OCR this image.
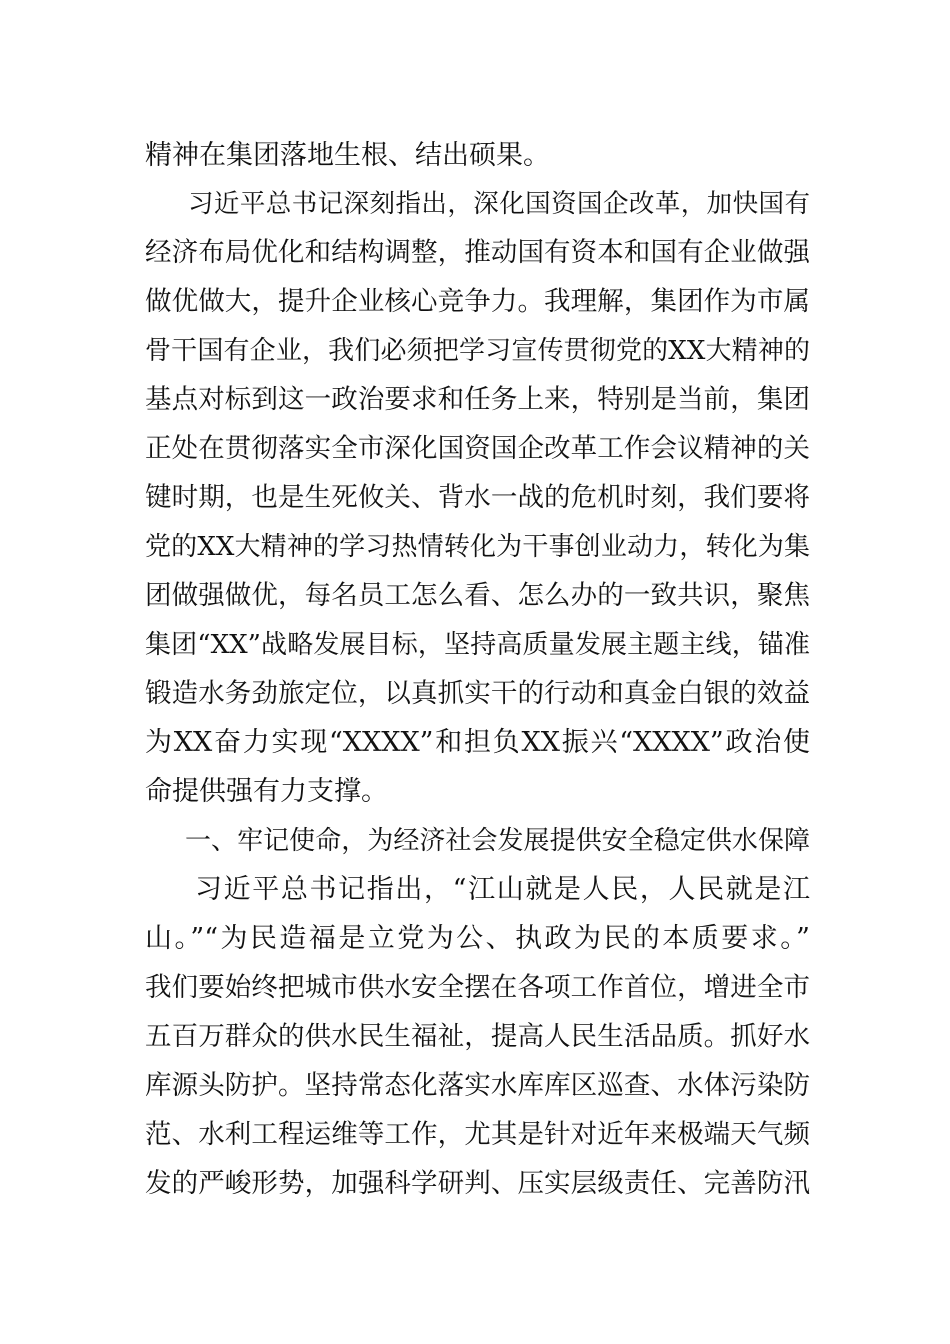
精神在集团落地生根、结出硕果。
习近平总书记深刻指出，深化国资国企改革，加快国有
经济布局优化和结构调整，推动国有资本和国有企业做强
做优做大，提升企业核心竞争力。我理解，集团作为市属
骨干国有企业，我们必须把学习宣传贯彻党的XX大精神的
基点对标到这一政治要求和任务上来，特别是当前，集团
正处在贯彻落实全市深化国资国企改革工作会议精神的关
键时期，也是生死攸关、背水一战的危机时刻，我们要将
党的XX大精神的学习热情转化为干事创业动力，转化为集
团做强做优，每名员工怎么看、怎么办的一致共识，聚焦
集团“XX”战略发展目标，坚持高质量发展主题主线，锚准
锻造水务劲旅定位，以真抓实干的行动和真金白银的效益
为XX奋力实现“XXXX”和担负XX振兴“XXXX”政治使
命提供强有力支撑。
一、牢记使命，为经济社会发展提供安全稳定供水保障
习近平总书记指出，“江山就是人民，人民就是江
山。”“为民造福是立党为公、执政为民的本质要求。”
我们要始终把城市供水安全摆在各项工作首位，增进全市
五百万群众的供水民生福祉，提高人民生活品质。抓好水
库源头防护。坚持常态化落实水库库区巡查、水体污染防
范、水利工程运维等工作，尤其是针对近年来极端天气频
发的严峻形势，加强科学研判、压实层级责任、完善防汛
